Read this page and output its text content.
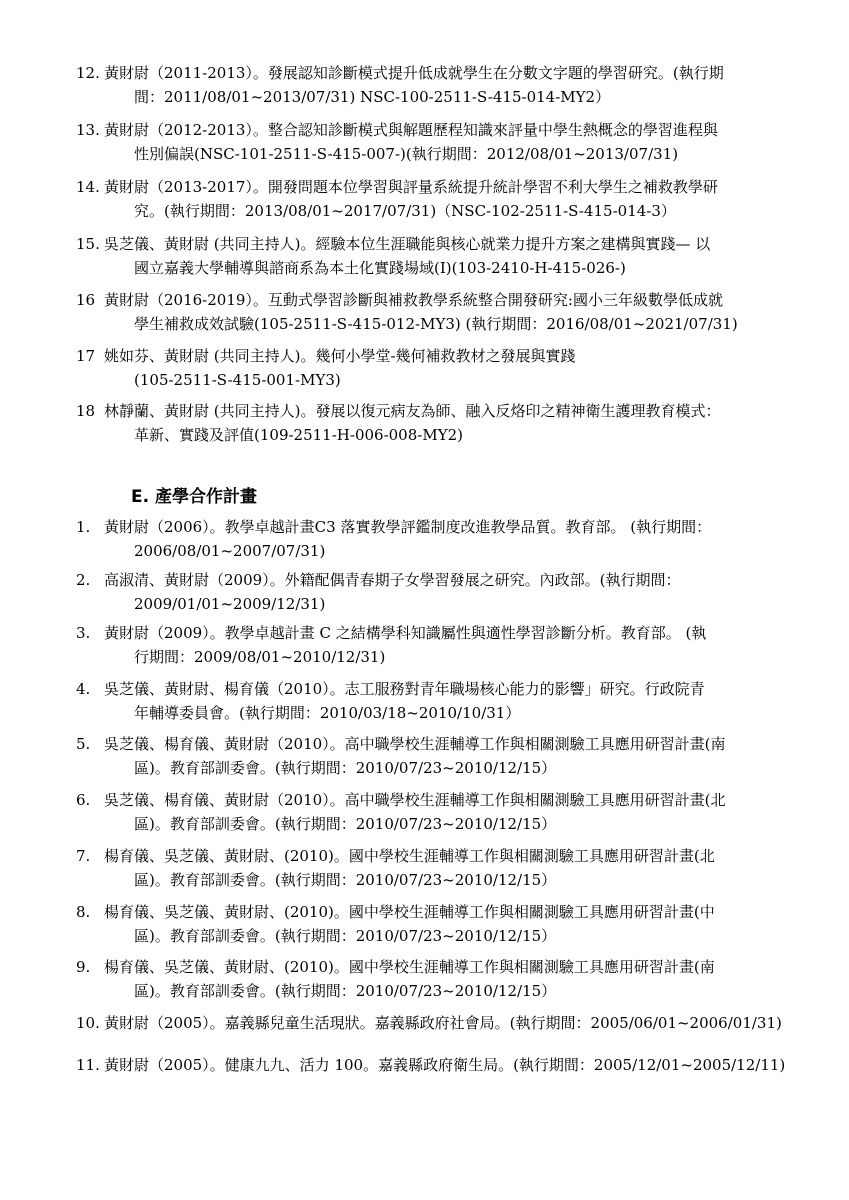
12. 黃財尉（2011-2013）。發展認知診斷模式提升低成就學生在分數文字題的學習研究。(執行期
間：2011/08/01~2013/07/31) NSC-100-2511-S-415-014-MY2）
13. 黃財尉（2012-2013）。整合認知診斷模式與解題歷程知識來評量中學生熱概念的學習進程與
性別偏誤(NSC-101-2511-S-415-007-)(執行期間：2012/08/01~2013/07/31)
14. 黃財尉（2013-2017）。開發問題本位學習與評量系統提升統計學習不利大學生之補救教學研
究。(執行期間：2013/08/01~2017/07/31)（NSC-102-2511-S-415-014-3）
15. 吳芝儀、黃財尉 (共同主持人)。經驗本位生涯職能與核心就業力提升方案之建構與實踐— 以
國立嘉義大學輔導與諮商系為本土化實踐場域(I)(103-2410-H-415-026-)
16 黃財尉（2016-2019）。互動式學習診斷與補救教學系統整合開發研究:國小三年級數學低成就
學生補救成效試驗(105-2511-S-415-012-MY3) (執行期間：2016/08/01~2021/07/31)
17 姚如芬、黃財尉 (共同主持人)。幾何小學堂-幾何補救教材之發展與實踐
(105-2511-S-415-001-MY3)
18 林靜蘭、黃財尉 (共同主持人)。發展以復元病友為師、融入反烙印之精神衛生護理教育模式：
革新、實踐及評值(109-2511-H-006-008-MY2)
E. 產學合作計畫
1. 黃財尉（2006）。教學卓越計畫C3 落實教學評鑑制度改進教學品質。教育部。 (執行期間：
2006/08/01~2007/07/31)
2. 高淑清、黃財尉（2009）。外籍配偶青春期子女學習發展之研究。內政部。(執行期間：
2009/01/01~2009/12/31)
3. 黃財尉（2009）。教學卓越計畫 C 之結構學科知識屬性與適性學習診斷分析。教育部。 (執
行期間：2009/08/01~2010/12/31)
4. 吳芝儀、黃財尉、楊育儀（2010）。志工服務對青年職場核心能力的影響」研究。行政院青
年輔導委員會。(執行期間：2010/03/18~2010/10/31）
5. 吳芝儀、楊育儀、黃財尉（2010）。高中職學校生涯輔導工作與相關測驗工具應用研習計畫(南
區)。教育部訓委會。(執行期間：2010/07/23~2010/12/15）
6. 吳芝儀、楊育儀、黃財尉（2010）。高中職學校生涯輔導工作與相關測驗工具應用研習計畫(北
區)。教育部訓委會。(執行期間：2010/07/23~2010/12/15）
7. 楊育儀、吳芝儀、黃財尉、(2010)。國中學校生涯輔導工作與相關測驗工具應用研習計畫(北
區)。教育部訓委會。(執行期間：2010/07/23~2010/12/15）
8. 楊育儀、吳芝儀、黃財尉、(2010)。國中學校生涯輔導工作與相關測驗工具應用研習計畫(中
區)。教育部訓委會。(執行期間：2010/07/23~2010/12/15）
9. 楊育儀、吳芝儀、黃財尉、(2010)。國中學校生涯輔導工作與相關測驗工具應用研習計畫(南
區)。教育部訓委會。(執行期間：2010/07/23~2010/12/15）
10. 黃財尉（2005）。嘉義縣兒童生活現狀。嘉義縣政府社會局。(執行期間：2005/06/01~2006/01/31)
11. 黃財尉（2005）。健康九九、活力 100。嘉義縣政府衛生局。(執行期間：2005/12/01~2005/12/11)
